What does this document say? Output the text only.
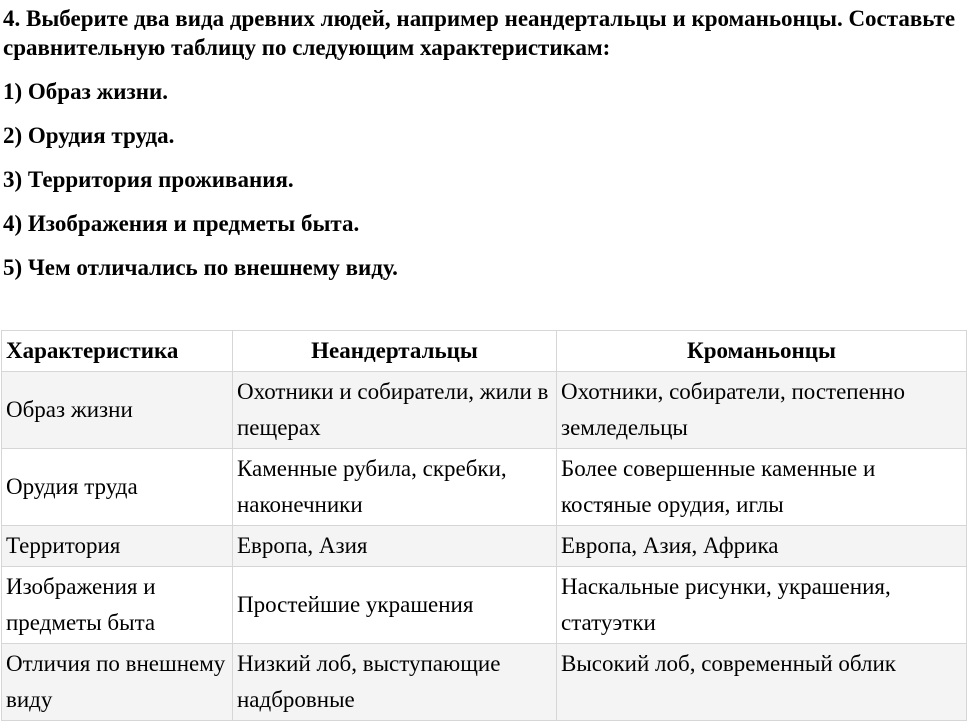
4. Выберите два вида древних людей, например неандертальцы и кроманьонцы. Составьте сравнительную таблицу по следующим характеристикам:

1) Образ жизни.
2) Орудия труда.
3) Территория проживания.
4) Изображения и предметы быта.
5) Чем отличались по внешнему виду.
Характеристика	Неандертальцы	Кроманьонцы
Образ жизни	Охотники и собиратели, жили в пещерах	Охотники, собиратели, постепенно земледельцы
Орудия труда	Каменные рубила, скребки, наконечники	Более совершенные каменные и костяные орудия, иглы
Территория	Европа, Азия	Европа, Азия, Африка
Изображения и предметы быта	Простейшие украшения	Наскальные рисунки, украшения, статуэтки
Отличия по внешнему виду	Низкий лоб, выступающие надбровные	Высокий лоб, современный облик
